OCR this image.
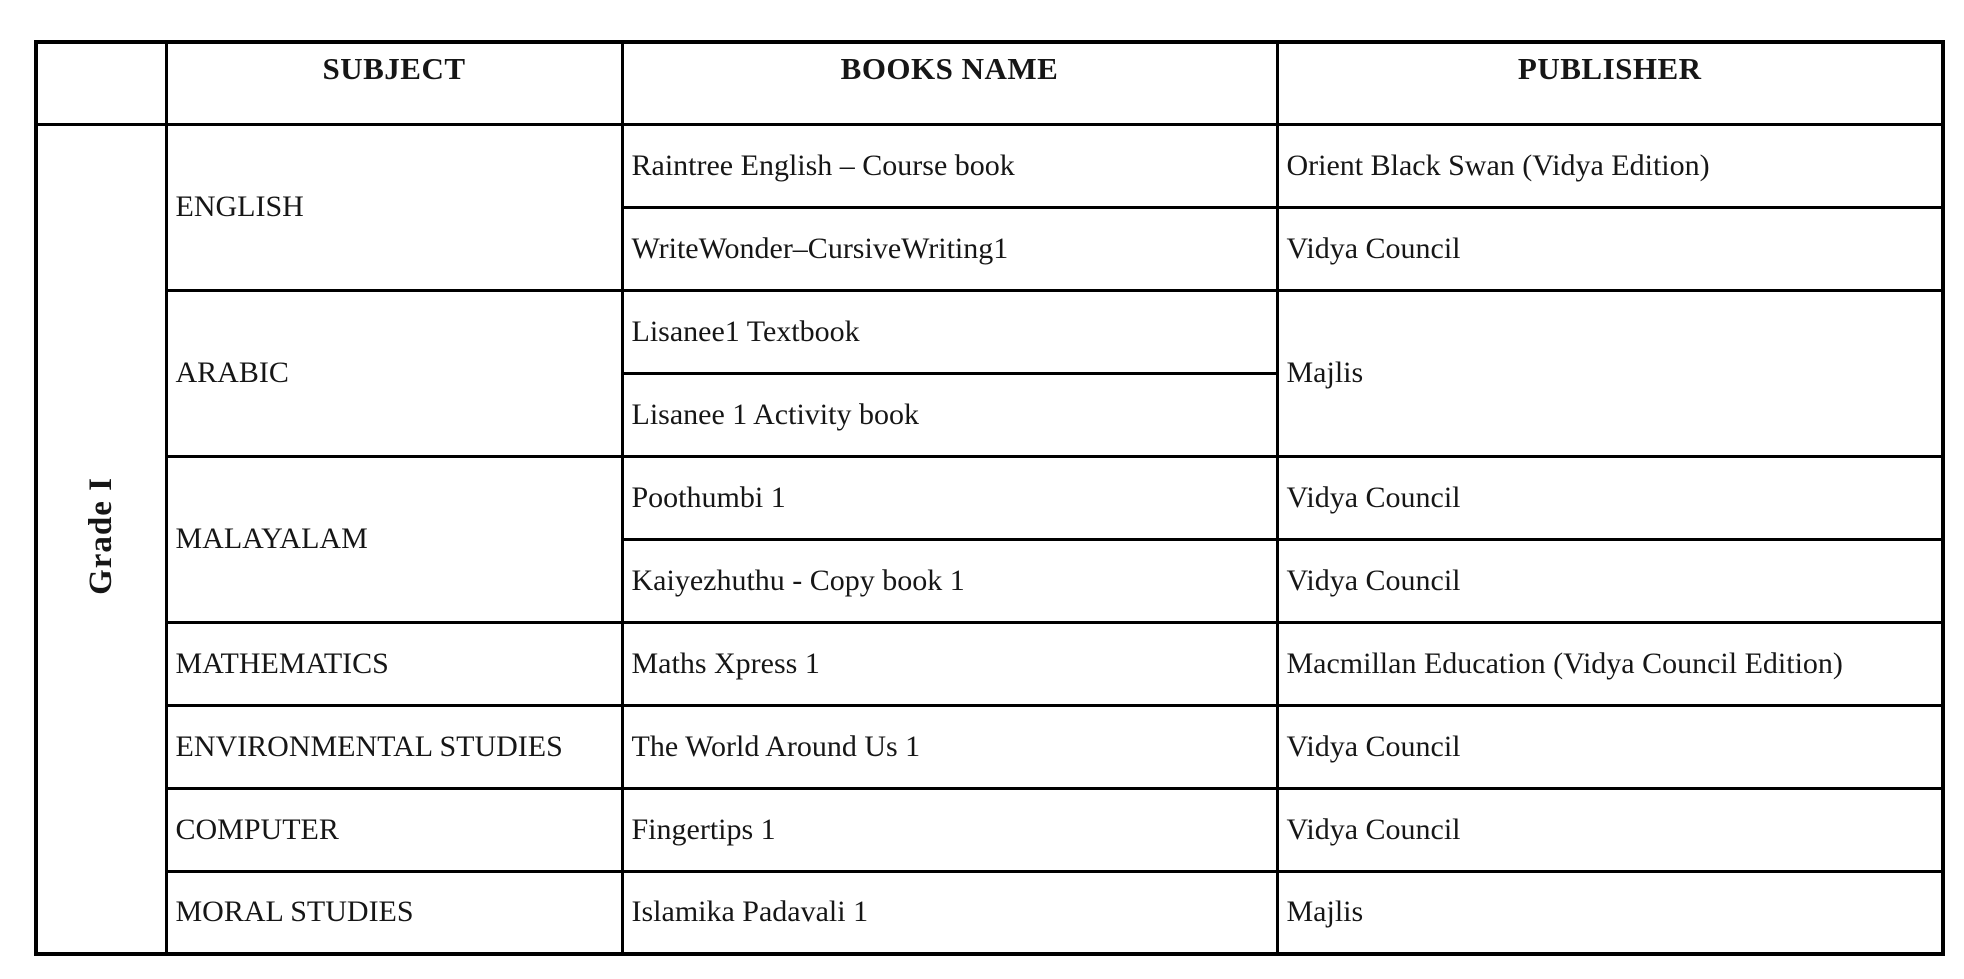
	SUBJECT	BOOKS NAME	PUBLISHER
Grade I	ENGLISH	Raintree English – Course book	Orient Black Swan (Vidya Edition)
		WriteWonder–CursiveWriting1	Vidya Council
	ARABIC	Lisanee1 Textbook	Majlis
		Lisanee 1 Activity book	
	MALAYALAM	Poothumbi 1	Vidya Council
		Kaiyezhuthu - Copy book 1	Vidya Council
	MATHEMATICS	Maths Xpress 1	Macmillan Education (Vidya Council Edition)
	ENVIRONMENTAL STUDIES	The World Around Us 1	Vidya Council
	COMPUTER	Fingertips 1	Vidya Council
	MORAL STUDIES	Islamika Padavali 1	Majlis
